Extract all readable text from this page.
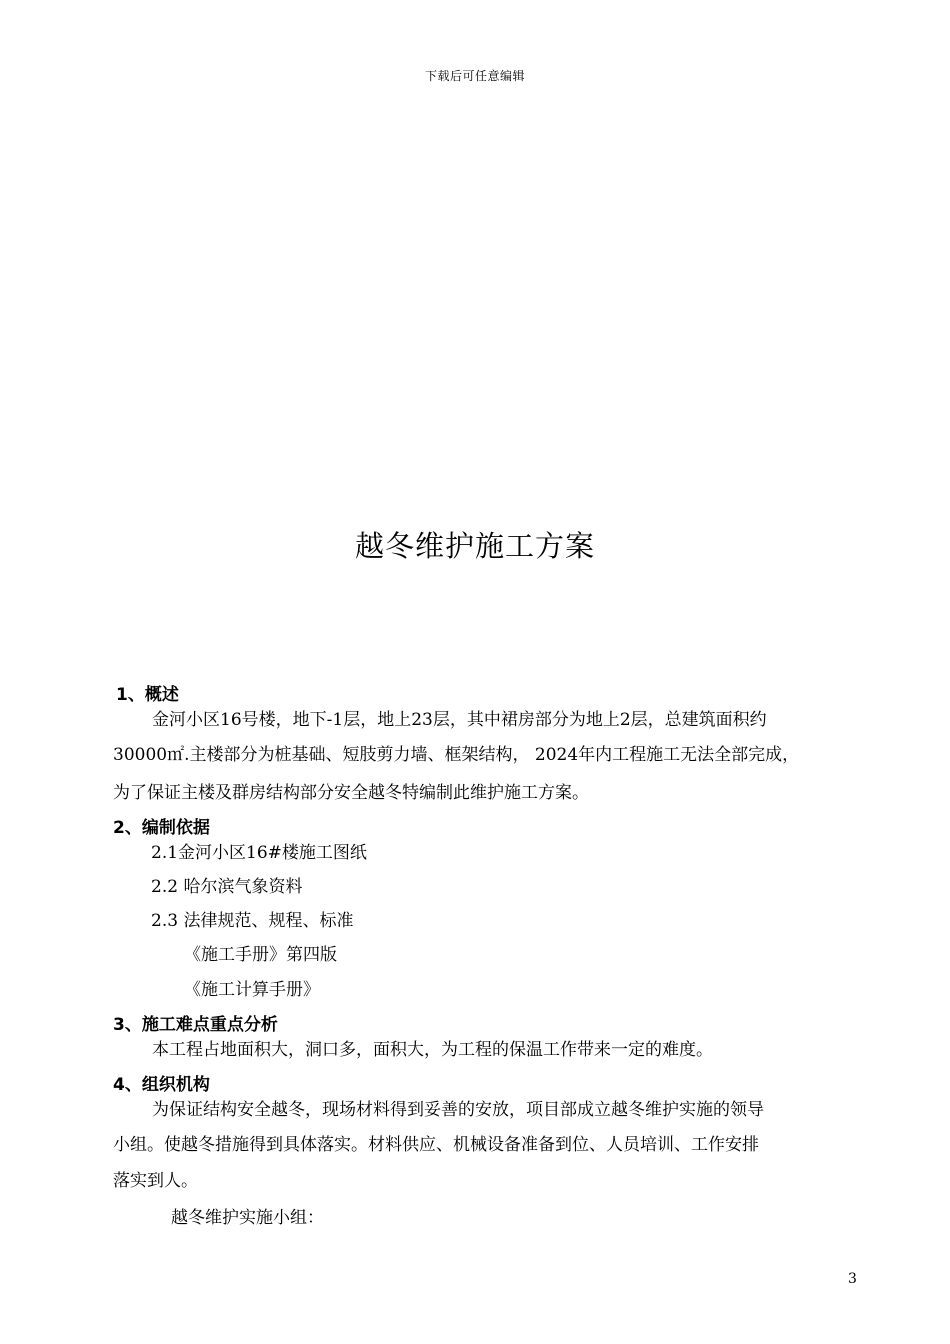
下载后可任意编辑
越冬维护施工方案
1、概述
金河小区16号楼，地下-1层，地上23层，其中裙房部分为地上2层，总建筑面积约
30000㎡.主楼部分为桩基础、短肢剪力墙、框架结构， 2024年内工程施工无法全部完成，
为了保证主楼及群房结构部分安全越冬特编制此维护施工方案。
2、编制依据
2.1金河小区16#楼施工图纸
2.2 哈尔滨气象资料
2.3 法律规范、规程、标准
《施工手册》第四版
《施工计算手册》
3、施工难点重点分析
本工程占地面积大，洞口多，面积大，为工程的保温工作带来一定的难度。
4、组织机构
为保证结构安全越冬，现场材料得到妥善的安放，项目部成立越冬维护实施的领导
小组。使越冬措施得到具体落实。材料供应、机械设备准备到位、人员培训、工作安排
落实到人。
越冬维护实施小组：
3
